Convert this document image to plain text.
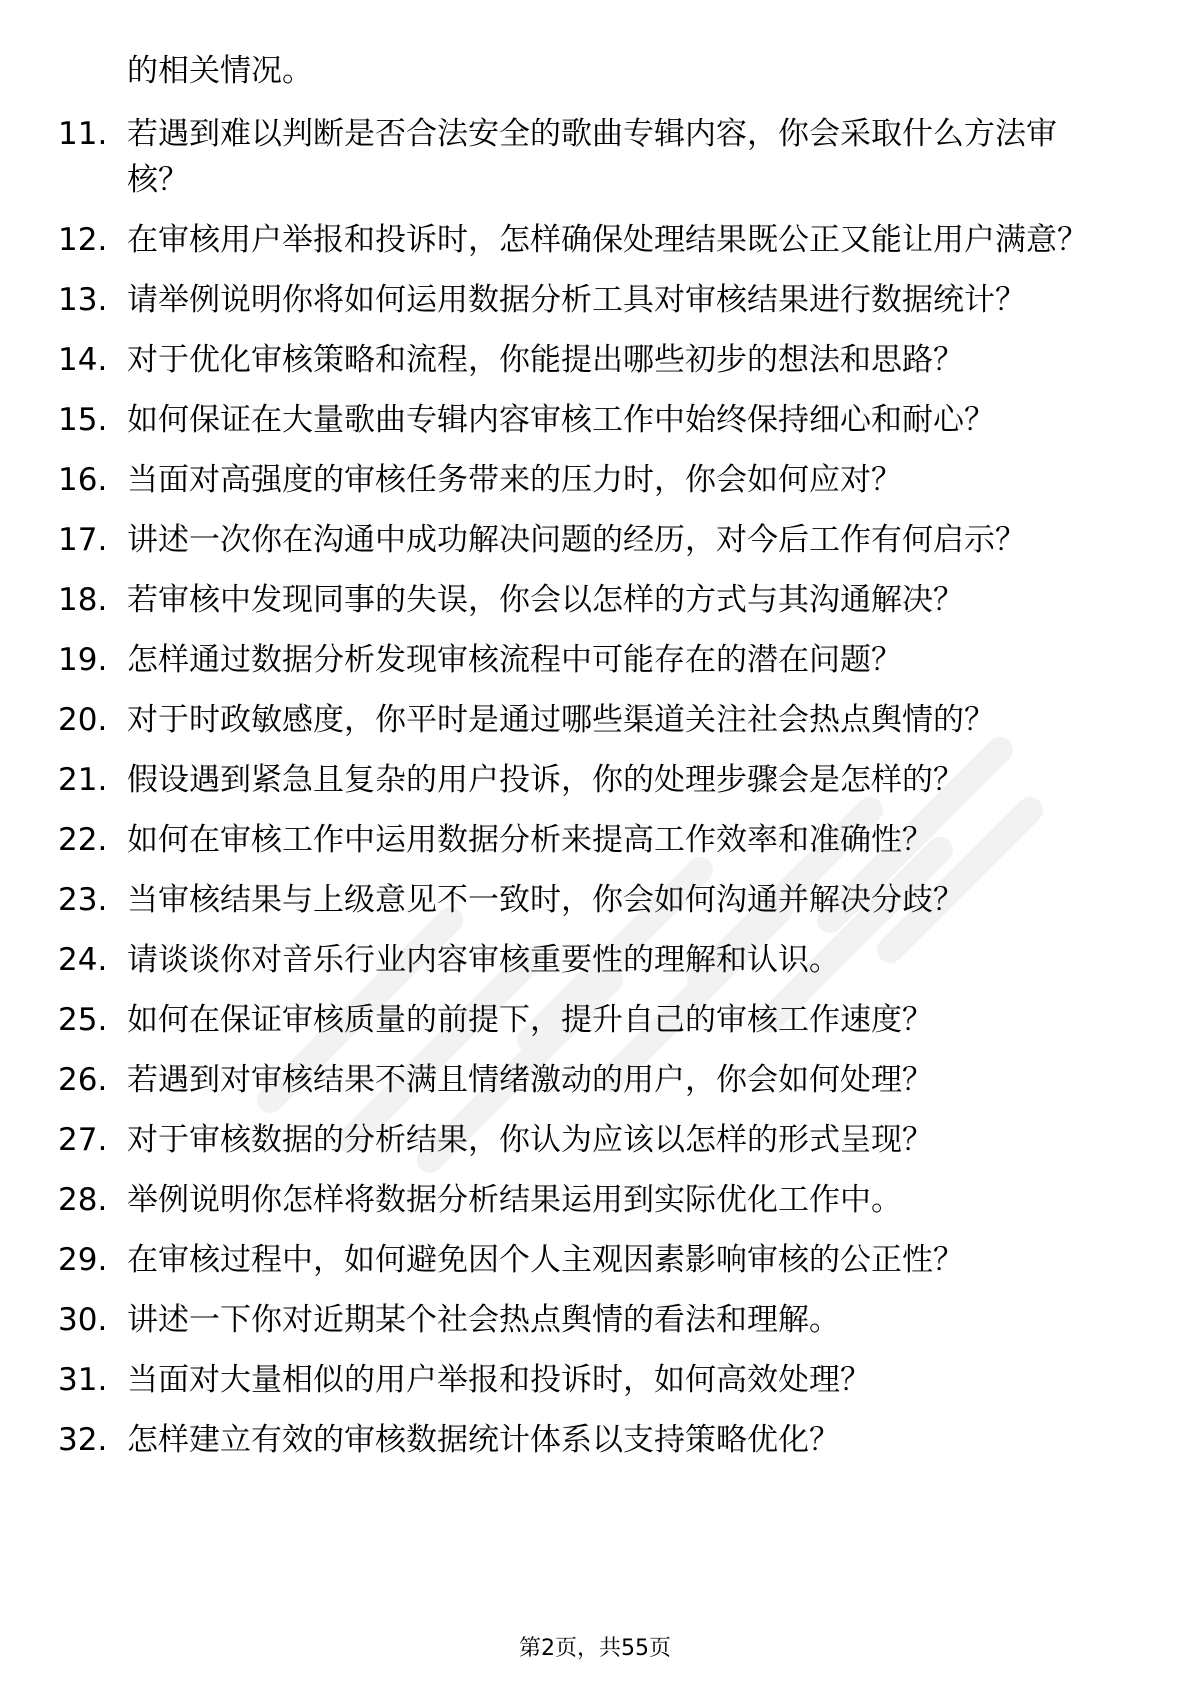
的相关情况。

11. 若遇到难以判断是否合法安全的歌曲专辑内容，你会采取什么方法审核？
12. 在审核用户举报和投诉时，怎样确保处理结果既公正又能让用户满意？
13. 请举例说明你将如何运用数据分析工具对审核结果进行数据统计？
14. 对于优化审核策略和流程，你能提出哪些初步的想法和思路？
15. 如何保证在大量歌曲专辑内容审核工作中始终保持细心和耐心？
16. 当面对高强度的审核任务带来的压力时，你会如何应对？
17. 讲述一次你在沟通中成功解决问题的经历，对今后工作有何启示？
18. 若审核中发现同事的失误，你会以怎样的方式与其沟通解决？
19. 怎样通过数据分析发现审核流程中可能存在的潜在问题？
20. 对于时政敏感度，你平时是通过哪些渠道关注社会热点舆情的？
21. 假设遇到紧急且复杂的用户投诉，你的处理步骤会是怎样的？
22. 如何在审核工作中运用数据分析来提高工作效率和准确性？
23. 当审核结果与上级意见不一致时，你会如何沟通并解决分歧？
24. 请谈谈你对音乐行业内容审核重要性的理解和认识。
25. 如何在保证审核质量的前提下，提升自己的审核工作速度？
26. 若遇到对审核结果不满且情绪激动的用户，你会如何处理？
27. 对于审核数据的分析结果，你认为应该以怎样的形式呈现？
28. 举例说明你怎样将数据分析结果运用到实际优化工作中。
29. 在审核过程中，如何避免因个人主观因素影响审核的公正性？
30. 讲述一下你对近期某个社会热点舆情的看法和理解。
31. 当面对大量相似的用户举报和投诉时，如何高效处理？
32. 怎样建立有效的审核数据统计体系以支持策略优化？
第2页，共55页
